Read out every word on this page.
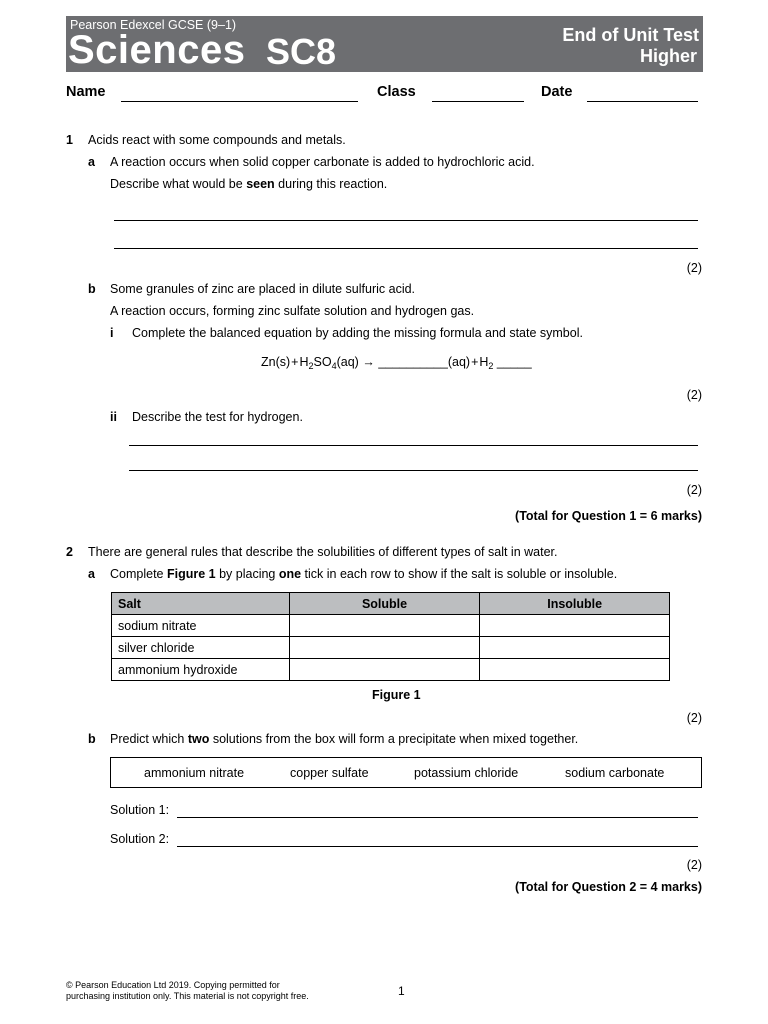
Pearson Edexcel GCSE (9–1)
Sciences SC8	End of Unit Test
Higher
Name	Class	Date
1 Acids react with some compounds and metals.
a A reaction occurs when solid copper carbonate is added to hydrochloric acid.
Describe what would be seen during this reaction.
(2)
b Some granules of zinc are placed in dilute sulfuric acid.
A reaction occurs, forming zinc sulfate solution and hydrogen gas.
i Complete the balanced equation by adding the missing formula and state symbol.
$Zn(s)+H_2SO_4(aq)$ → $\_\_\_\_\_\_\_\_\_\_(aq)+H_2$ _____
(2)
ii Describe the test for hydrogen.
(2)
(Total for Question 1 = 6 marks)
2 There are general rules that describe the solubilities of different types of salt in water.
a Complete Figure 1 by placing one tick in each row to show if the salt is soluble or insoluble.
Salt	Soluble	Insoluble
sodium nitrate		
silver chloride		
ammonium hydroxide		
Figure 1
(2)
b Predict which two solutions from the box will form a precipitate when mixed together.
ammonium nitrate	copper sulfate	potassium chloride	sodium carbonate
Solution 1:
Solution 2:
(2)
(Total for Question 2 = 4 marks)
© Pearson Education Ltd 2019. Copying permitted for
purchasing institution only. This material is not copyright free.	1
